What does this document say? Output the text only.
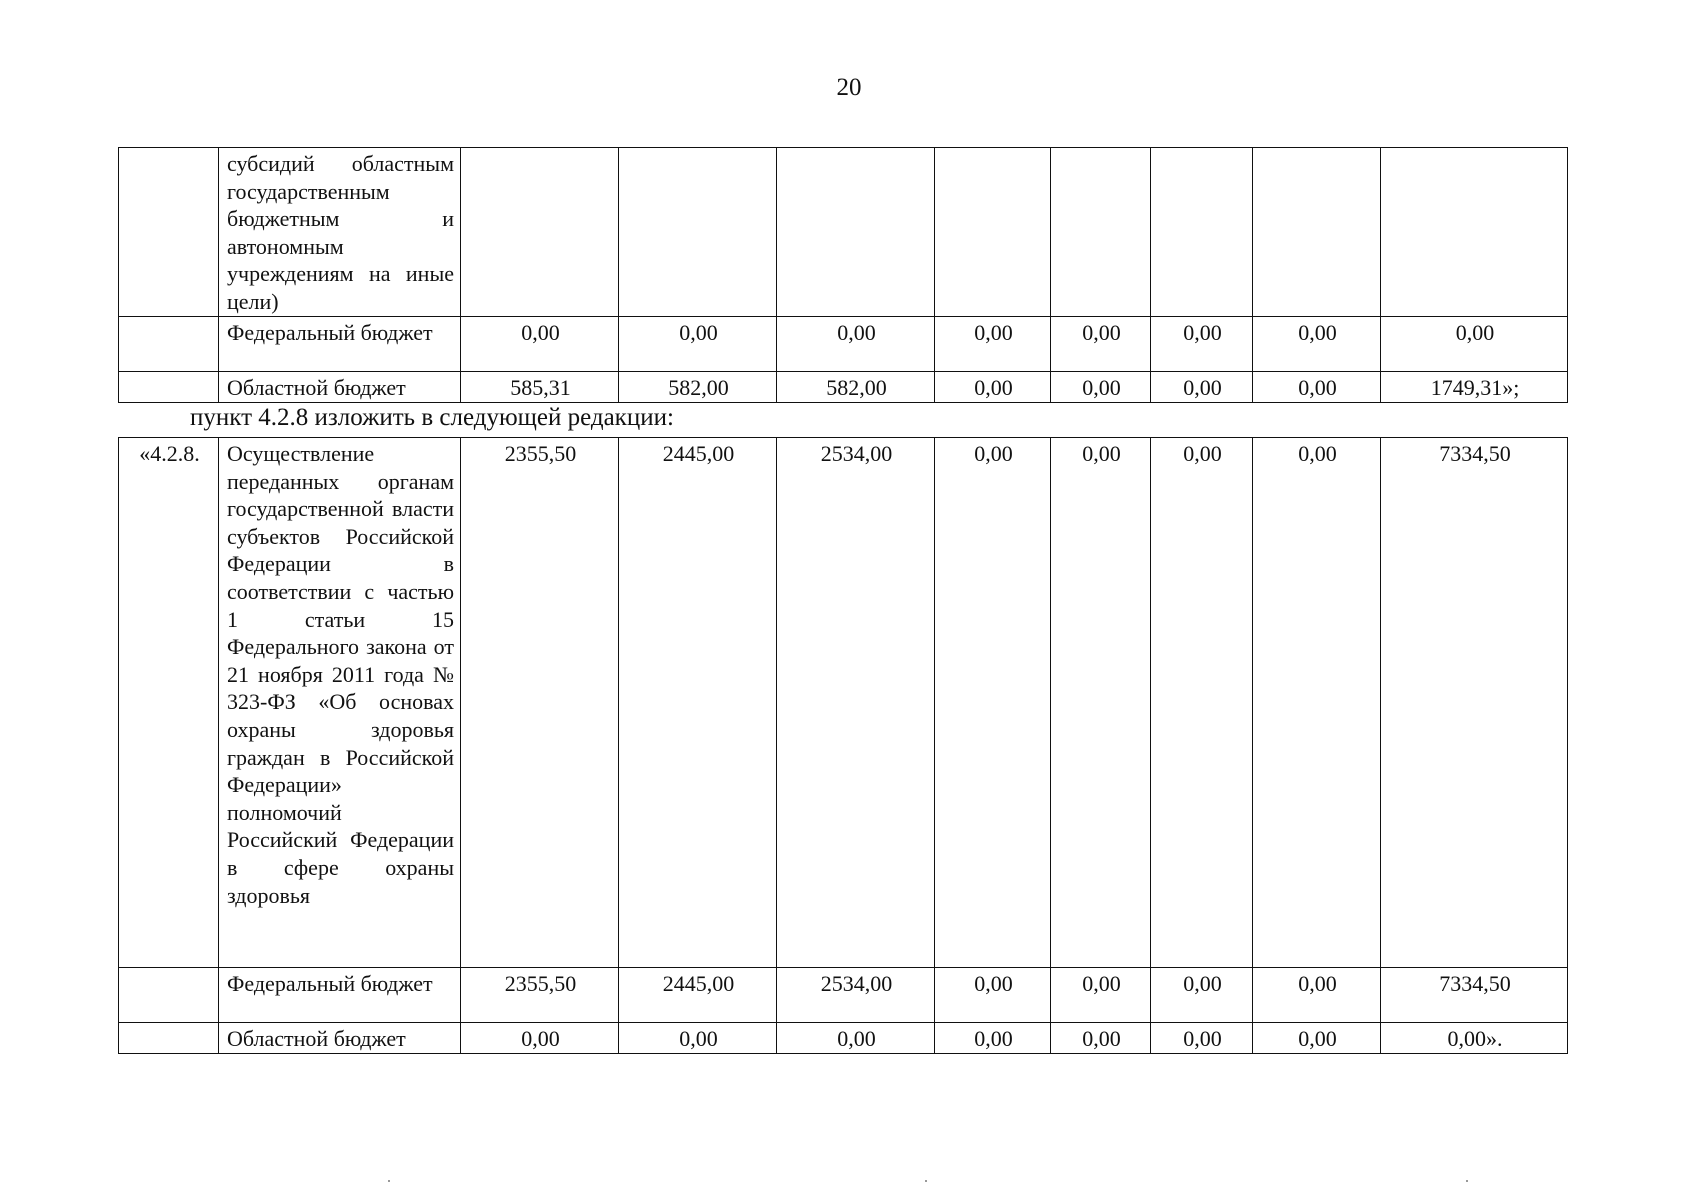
20
	субсидий областным государственным бюджетным и автономным учреждениям на иные цели)								
	Федеральный бюджет	0,00	0,00	0,00	0,00	0,00	0,00	0,00	0,00
	Областной бюджет	585,31	582,00	582,00	0,00	0,00	0,00	0,00	1749,31»;
пункт 4.2.8 изложить в следующей редакции:
«4.2.8.	Осуществление переданных органам государственной власти субъектов Российской Федерации в соответствии с частью 1 статьи 15 Федерального закона от 21 ноября 2011 года № 323-ФЗ «Об основах охраны здоровья граждан в Российской Федерации» полномочий Российский Федерации в сфере охраны здоровья	2355,50	2445,00	2534,00	0,00	0,00	0,00	0,00	7334,50
	Федеральный бюджет	2355,50	2445,00	2534,00	0,00	0,00	0,00	0,00	7334,50
	Областной бюджет	0,00	0,00	0,00	0,00	0,00	0,00	0,00	0,00».
